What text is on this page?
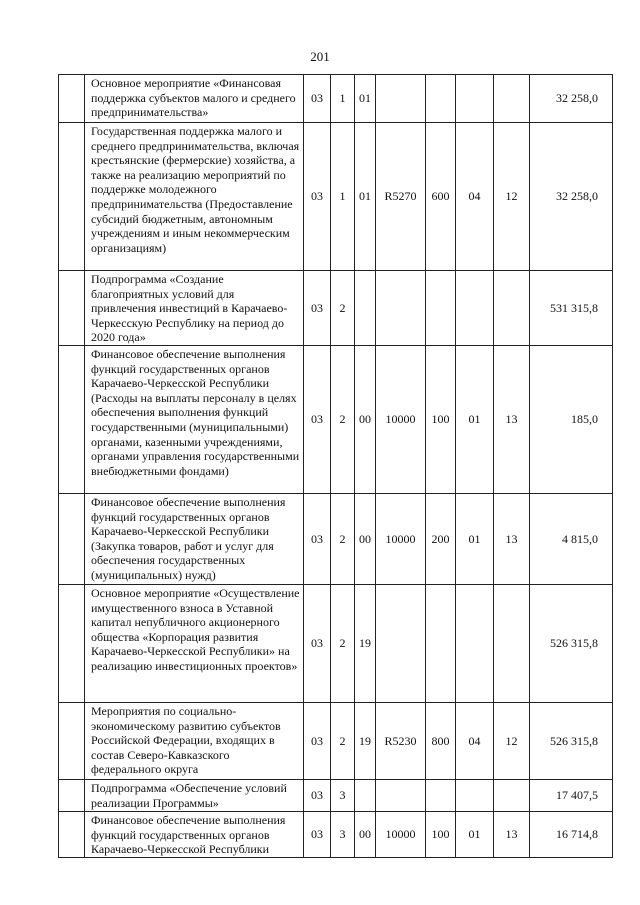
201
	Основное мероприятие «Финансовая поддержка субъектов малого и среднего предпринимательства»	03	1	01					32 258,0
	Государственная поддержка малого и среднего предпринимательства, включая крестьянские (фермерские) хозяйства, а также на реализацию мероприятий по поддержке молодежного предпринимательства (Предоставление субсидий бюджетным, автономным учреждениям и иным некоммерческим организациям)	03	1	01	R5270	600	04	12	32 258,0
	Подпрограмма «Создание благоприятных условий для привлечения инвестиций в Карачаево-Черкесскую Республику на период до 2020 года»	03	2						531 315,8
	Финансовое обеспечение выполнения функций государственных органов Карачаево-Черкесской Республики (Расходы на выплаты персоналу в целях обеспечения выполнения функций государственными (муниципальными) органами, казенными учреждениями, органами управления государственными внебюджетными фондами)	03	2	00	10000	100	01	13	185,0
	Финансовое обеспечение выполнения функций государственных органов Карачаево-Черкесской Республики (Закупка товаров, работ и услуг для обеспечения государственных (муниципальных) нужд)	03	2	00	10000	200	01	13	4 815,0
	Основное мероприятие «Осуществление имущественного взноса в Уставной капитал непубличного акционерного общества «Корпорация развития Карачаево-Черкесской Республики» на реализацию инвестиционных проектов»	03	2	19					526 315,8
	Мероприятия по социально-экономическому развитию субъектов Российской Федерации, входящих в состав Северо-Кавказского федерального округа	03	2	19	R5230	800	04	12	526 315,8
	Подпрограмма «Обеспечение условий реализации Программы»	03	3						17 407,5
	Финансовое обеспечение выполнения функций государственных органов Карачаево-Черкесской Республики	03	3	00	10000	100	01	13	16 714,8
